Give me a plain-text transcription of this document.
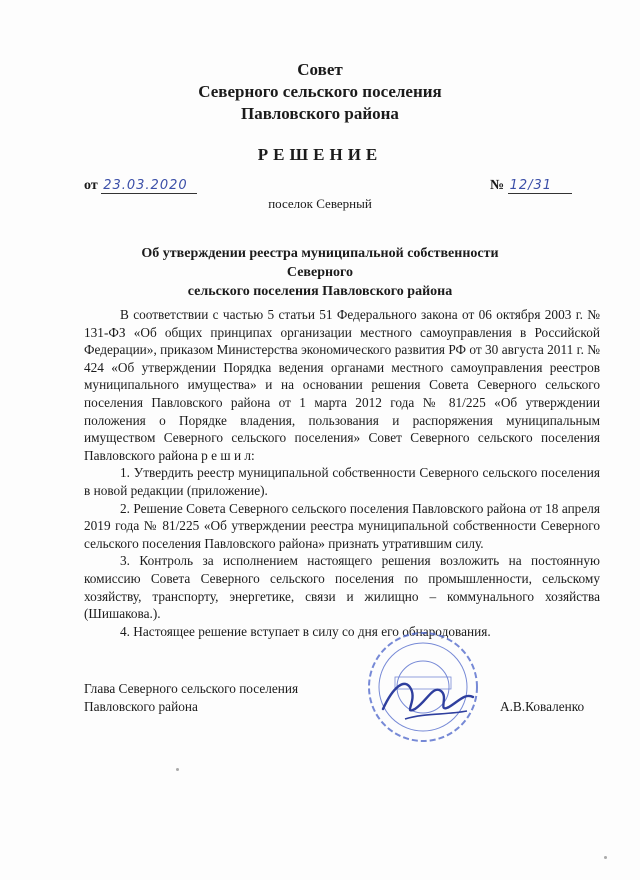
Совет
Северного сельского поселения
Павловского района
РЕШЕНИЕ
от 23.03.2020	№ 12/31
поселок Северный
Об утверждении реестра муниципальной собственности Северного
сельского поселения Павловского района

В соответствии с частью 5 статьи 51 Федерального закона от 06 октября 2003 г. № 131-ФЗ «Об общих принципах организации местного самоуправления в Российской Федерации», приказом Министерства экономического развития РФ от 30 августа 2011 г. № 424 «Об утверждении Порядка ведения органами местного самоуправления реестров муниципального имущества» и на основании решения Совета Северного сельского поселения Павловского района от 1 марта 2012 года № 81/225 «Об утверждении положения о Порядке владения, пользования и распоряжения муниципальным имуществом Северного сельского поселения» Совет Северного сельского поселения Павловского района р е ш и л:

1. Утвердить реестр муниципальной собственности Северного сельского поселения в новой редакции (приложение).

2. Решение Совета Северного сельского поселения Павловского района от 18 апреля 2019 года № 81/225 «Об утверждении реестра муниципальной собственности Северного сельского поселения Павловского района» признать утратившим силу.

3. Контроль за исполнением настоящего решения возложить на постоянную комиссию Совета Северного сельского поселения по промышленности, сельскому хозяйству, транспорту, энергетике, связи и жилищно – коммунального хозяйства (Шишакова.).

4. Настоящее решение вступает в силу со дня его обнародования.

Глава Северного сельского поселения
Павловского района	А.В.Коваленко
